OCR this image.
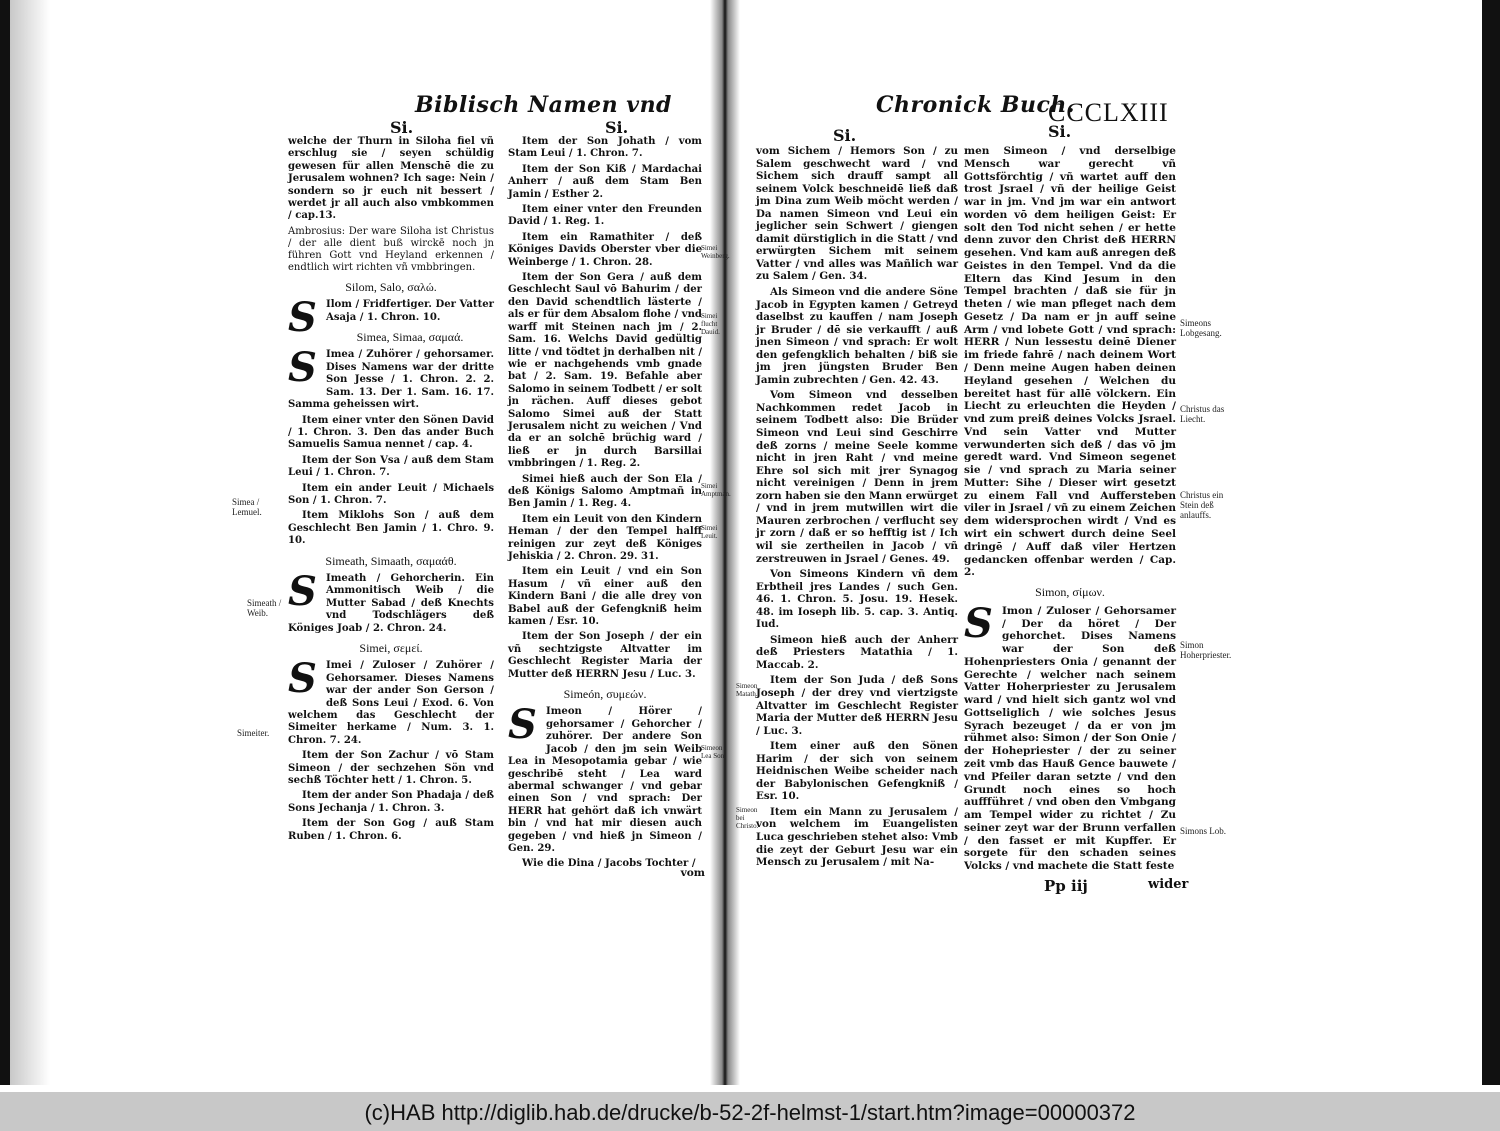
Biblisch Namen vnd
Si.	Si.

welche der Thurn in Siloha fiel vñ erschlug sie / seyen schüldig gewesen für allen Menschē die zu Jerusalem wohnen? Ich sage: Nein / sondern so jr euch nit bessert / werdet jr all auch also vmbkommen / cap.13.

Ambrosius: Der ware Siloha ist Christus / der alle dient buß wirckē noch jn führen Gott vnd Heyland erkennen / endtlich wirt richten vñ vmbbringen.

Silom, Salo, σαλώ.

S Ilom / Fridfertiger. Der Vatter Asaja / 1. Chron. 10.

Simea, Simaa, σαμαά.

S Imea / Zuhörer / gehorsamer. Dises Namens war der dritte Son Jesse / 1. Chron. 2. 2. Sam. 13. Der 1. Sam. 16. 17. Samma geheissen wirt.

Item einer vnter den Sönen David / 1. Chron. 3. Den das ander Buch Samuelis Samua nennet / cap. 4.

Item der Son Vsa / auß dem Stam Leui / 1. Chron. 7.

Item ein ander Leuit / Michaels Son / 1. Chron. 7.

Item Miklohs Son / auß dem Geschlecht Ben Jamin / 1. Chro. 9. 10.

Simeath, Simaath, σαμαάθ.

S Imeath / Gehorcherin. Ein Ammonitisch Weib / die Mutter Sabad / deß Knechts vnd Todschlägers deß Königes Joab / 2. Chron. 24.

Simei, σεμεί.

S Imei / Zuloser / Zuhörer / Gehorsamer. Dieses Namens war der ander Son Gerson / deß Sons Leui / Exod. 6. Von welchem das Geschlecht der Simeiter herkame / Num. 3. 1. Chron. 7. 24.

Item der Son Zachur / vō Stam Simeon / der sechzehen Sön vnd sechß Töchter hett / 1. Chron. 5.

Item der ander Son Phadaja / deß Sons Jechanja / 1. Chron. 3.

Item der Son Gog / auß Stam Ruben / 1. Chron. 6.

Item der Son Johath / vom Stam Leui / 1. Chron. 7.

Item der Son Kiß / Mardachai Anherr / auß dem Stam Ben Jamin / Esther 2.

Item einer vnter den Freunden David / 1. Reg. 1.

Item ein Ramathiter / deß Königes Davids Oberster vber die Weinberge / 1. Chron. 28.

Item der Son Gera / auß dem Geschlecht Saul vō Bahurim / der den David schendtlich lästerte / als er für dem Absalom flohe / vnd warff mit Steinen nach jm / 2. Sam. 16. Welchs David gedültig litte / vnd tödtet jn derhalben nit / wie er nachgehends vmb gnade bat / 2. Sam. 19. Befahle aber Salomo in seinem Todbett / er solt jn rächen. Auff dieses gebot Salomo Simei auß der Statt Jerusalem nicht zu weichen / Vnd da er an solchē brüchig ward / ließ er jn durch Barsillai vmbbringen / 1. Reg. 2.

Simei hieß auch der Son Ela / deß Königs Salomo Amptmañ in Ben Jamin / 1. Reg. 4.

Item ein Leuit von den Kindern Heman / der den Tempel halff reinigen zur zeyt deß Königes Jehiskia / 2. Chron. 29. 31.

Item ein Leuit / vnd ein Son Hasum / vñ einer auß den Kindern Bani / die alle drey von Babel auß der Gefengkniß heim kamen / Esr. 10.

Item der Son Joseph / der ein vñ sechtzigste Altvatter im Geschlecht Register Maria der Mutter deß HERRN Jesu / Luc. 3.

Simeón, συμεών.

S Imeon / Hörer / gehorsamer / Gehorcher / zuhörer. Der andere Son Jacob / den jm sein Weib Lea in Mesopotamia gebar / wie geschribē steht / Lea ward abermal schwanger / vnd gebar einen Son / vnd sprach: Der HERR hat gehört daß ich vnwärt bin / vnd hat mir diesen auch gegeben / vnd hieß jn Simeon / Gen. 29.

Wie die Dina / Jacobs Tochter /

vom
Simea / Lemuel.
Simeath / Weib.
Simeiter.
Simei Weinberg.
Simei flucht Dauid.
Simei Amptman.
Simei Leuit.
Simeon Lea Son.
Chronick Buch.
CCCLXIII
Si.	Si.

vom Sichem / Hemors Son / zu Salem geschwecht ward / vnd Sichem sich drauff sampt all seinem Volck beschneidē ließ daß jm Dina zum Weib möcht werden / Da namen Simeon vnd Leui ein jeglicher sein Schwert / giengen damit dürstiglich in die Statt / vnd erwürgten Sichem mit seinem Vatter / vnd alles was Mañlich war zu Salem / Gen. 34.

Als Simeon vnd die andere Söne Jacob in Egypten kamen / Getreyd daselbst zu kauffen / nam Joseph jr Bruder / dē sie verkaufft / auß jnen Simeon / vnd sprach: Er wolt den gefengklich behalten / biß sie jm jren jüngsten Bruder Ben Jamin zubrechten / Gen. 42. 43.

Vom Simeon vnd desselben Nachkommen redet Jacob in seinem Todbett also: Die Brüder Simeon vnd Leui sind Geschirre deß zorns / meine Seele komme nicht in jren Raht / vnd meine Ehre sol sich mit jrer Synagog nicht vereinigen / Denn in jrem zorn haben sie den Mann erwürget / vnd in jrem mutwillen wirt die Mauren zerbrochen / verflucht sey jr zorn / daß er so hefftig ist / Ich wil sie zertheilen in Jacob / vñ zerstreuwen in Jsrael / Genes. 49.

Von Simeons Kindern vñ dem Erbtheil jres Landes / such Gen. 46. 1. Chron. 5. Josu. 19. Hesek. 48. im Ioseph lib. 5. cap. 3. Antiq. Iud.

Simeon hieß auch der Anherr deß Priesters Matathia / 1. Maccab. 2.

Item der Son Juda / deß Sons Joseph / der drey vnd viertzigste Altvatter im Geschlecht Register Maria der Mutter deß HERRN Jesu / Luc. 3.

Item einer auß den Sönen Harim / der sich von seinem Heidnischen Weibe scheider nach der Babylonischen Gefengkniß / Esr. 10.

Item ein Mann zu Jerusalem / von welchem im Euangelisten Luca geschrieben stehet also: Vmb die zeyt der Geburt Jesu war ein Mensch zu Jerusalem / mit Na-

men Simeon / vnd derselbige Mensch war gerecht vñ Gottsförchtig / vñ wartet auff den trost Jsrael / vñ der heilige Geist war in jm. Vnd jm war ein antwort worden vō dem heiligen Geist: Er solt den Tod nicht sehen / er hette denn zuvor den Christ deß HERRN gesehen. Vnd kam auß anregen deß Geistes in den Tempel. Vnd da die Eltern das Kind Jesum in den Tempel brachten / daß sie für jn theten / wie man pfleget nach dem Gesetz / Da nam er jn auff seine Arm / vnd lobete Gott / vnd sprach: HERR / Nun lessestu deinē Diener im friede fahrē / nach deinem Wort / Denn meine Augen haben deinen Heyland gesehen / Welchen du bereitet hast für allē völckern. Ein Liecht zu erleuchten die Heyden / vnd zum preiß deines Volcks Jsrael. Vnd sein Vatter vnd Mutter verwunderten sich deß / das vō jm geredt ward. Vnd Simeon segenet sie / vnd sprach zu Maria seiner Mutter: Sihe / Dieser wirt gesetzt zu einem Fall vnd Auffersteben viler in Jsrael / vñ zu einem Zeichen dem widersprochen wirdt / Vnd es wirt ein schwert durch deine Seel dringē / Auff daß viler Hertzen gedancken offenbar werden / Cap. 2.

Simon, σίμων.

S Imon / Zuloser / Gehorsamer / Der da höret / Der gehorchet. Dises Namens war der Son deß Hohenpriesters Onia / genannt der Gerechte / welcher nach seinem Vatter Hoherpriester zu Jerusalem ward / vnd hielt sich gantz wol vnd Gottseliglich / wie solches Jesus Syrach bezeuget / da er von jm rühmet also: Simon / der Son Onie / der Hohepriester / der zu seiner zeit vmb das Hauß Gence bauwete / vnd Pfeiler daran setzte / vnd den Grundt noch eines so hoch auffführet / vnd oben den Vmbgang am Tempel wider zu richtet / Zu seiner zeyt war der Brunn verfallen / den fasset er mit Kupffer. Er sorgete für den schaden seines Volcks / vnd machete die Statt feste

Simeons Lobgesang.
Christus das Liecht.
Christus ein Stein deß anlauffs.
Simon Hoherpriester.
Simons Lob.
Simeon Matath.
Simeon bei Christo.
Pp iij	wider
(c)HAB http://diglib.hab.de/drucke/b-52-2f-helmst-1/start.htm?image=00000372
